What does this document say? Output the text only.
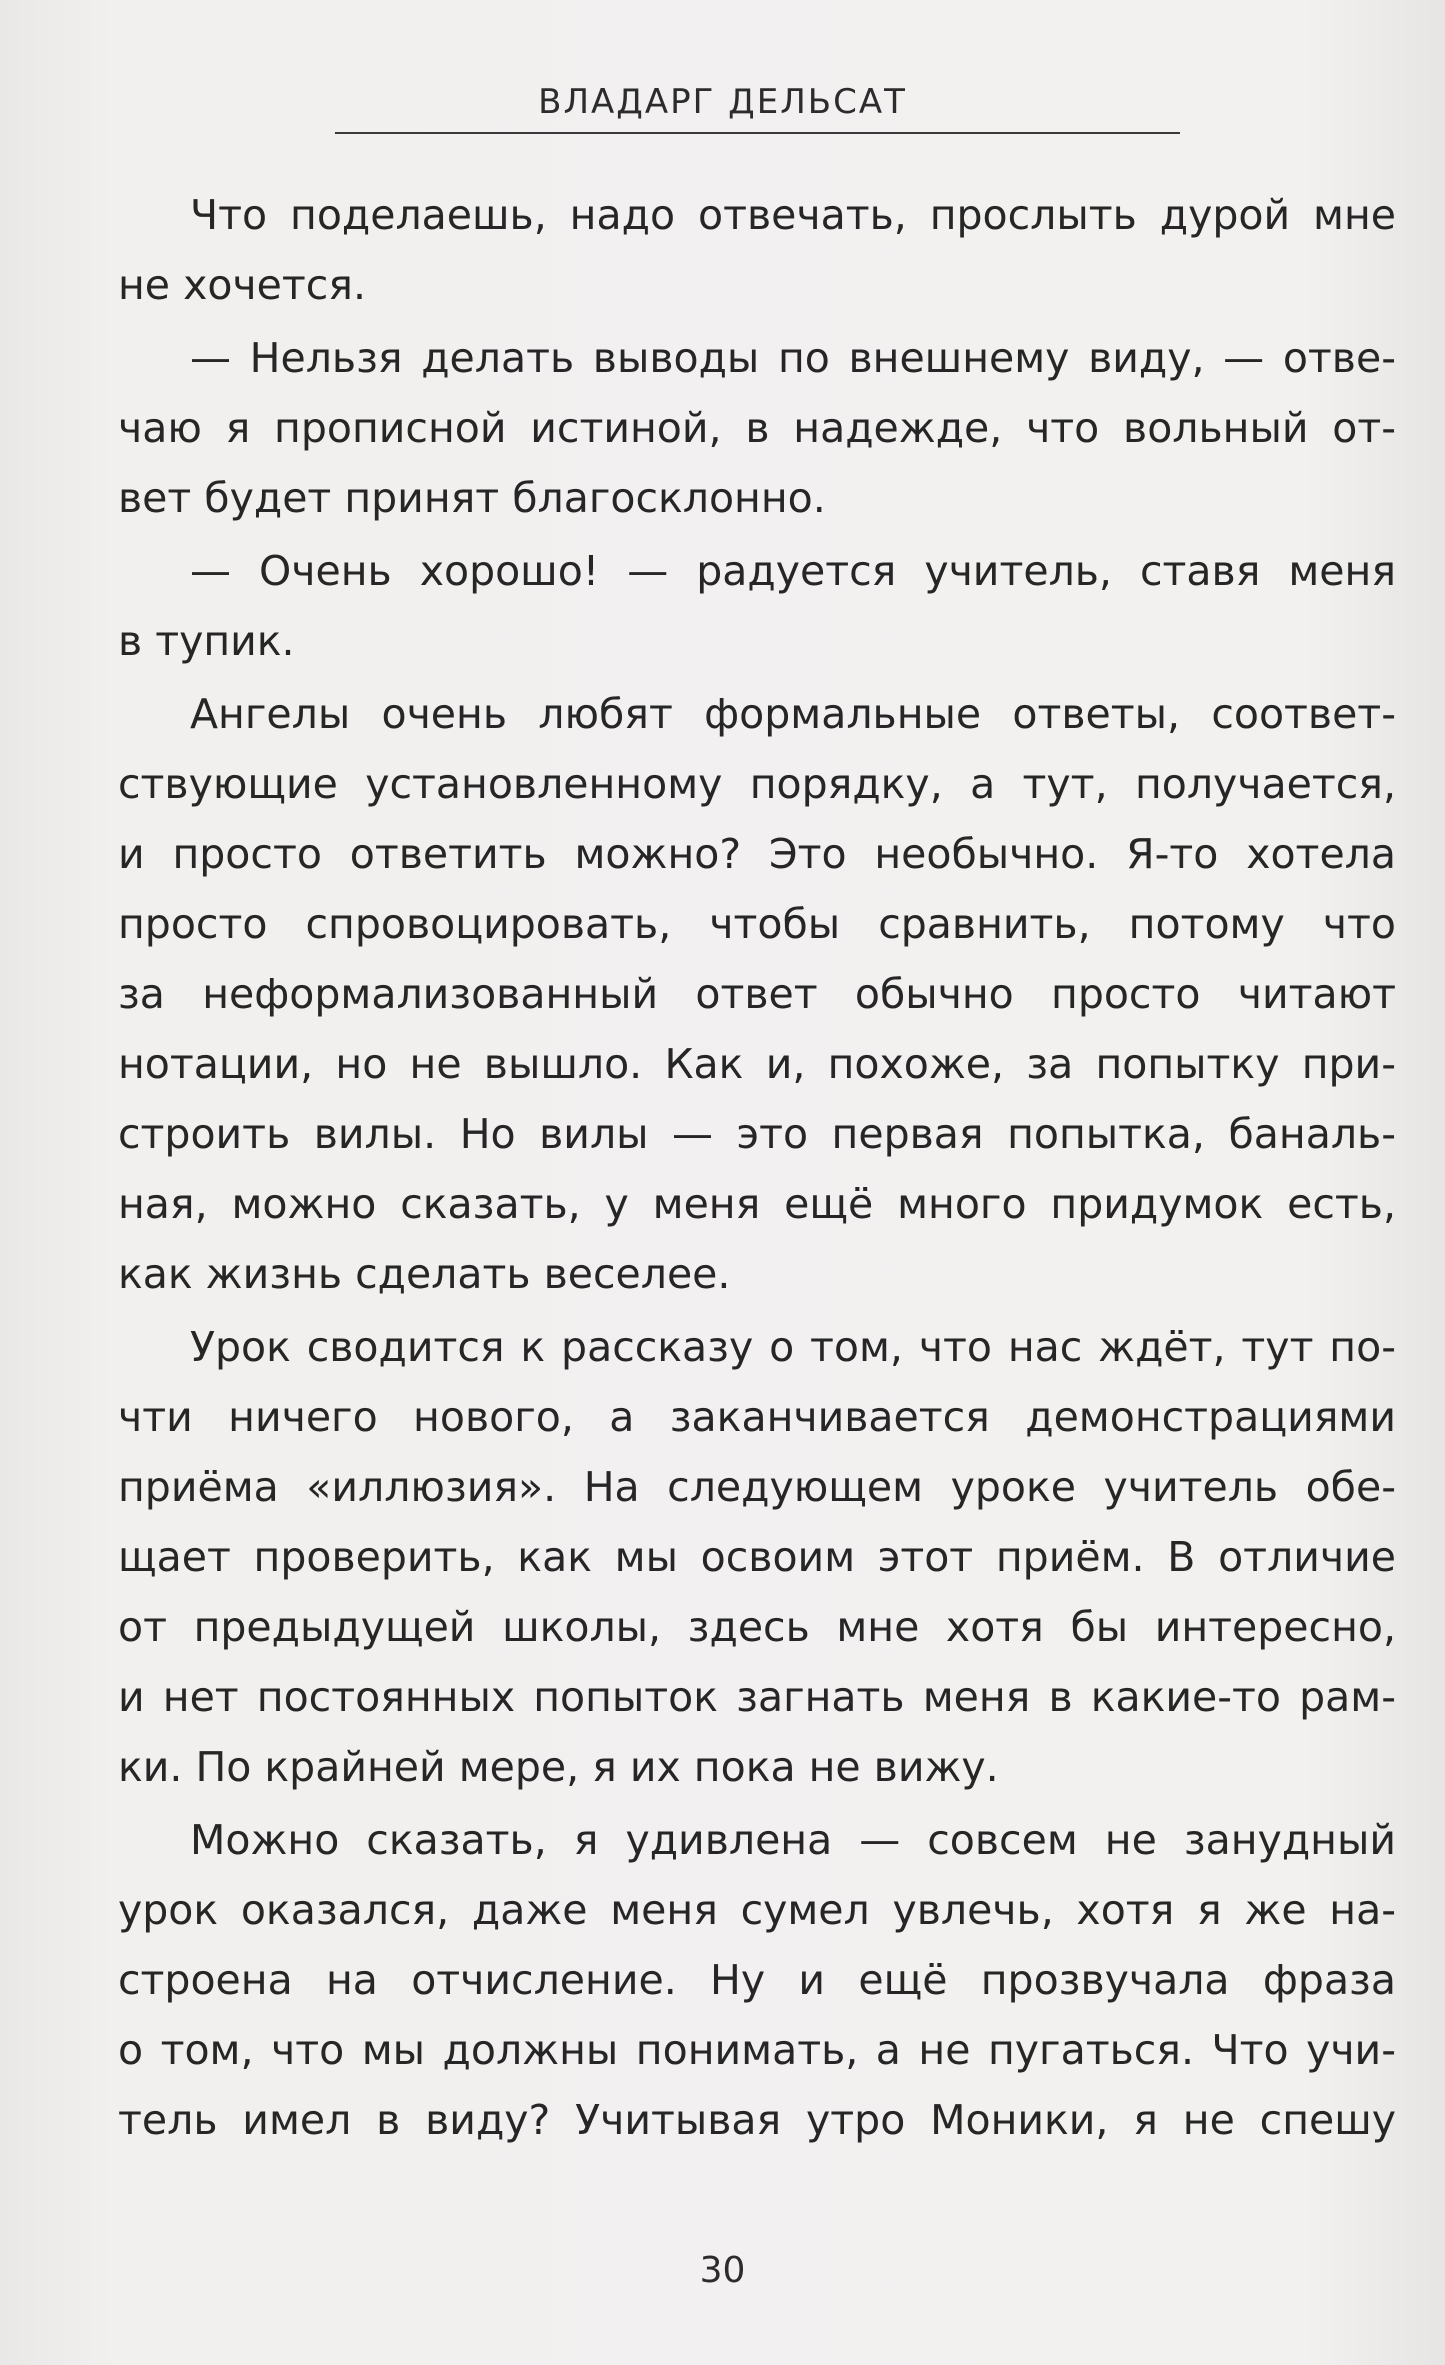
ВЛАДАРГ ДЕЛЬСАТ
Что поделаешь, надо отвечать, прослыть дурой мне
не хочется.
— Нельзя делать выводы по внешнему виду, — отве-
чаю я прописной истиной, в надежде, что вольный от-
вет будет принят благосклонно.
— Очень хорошо! — радуется учитель, ставя меня
в тупик.
Ангелы очень любят формальные ответы, соответ-
ствующие установленному порядку, а тут, получается,
и просто ответить можно? Это необычно. Я-то хотела
просто спровоцировать, чтобы сравнить, потому что
за неформализованный ответ обычно просто читают
нотации, но не вышло. Как и, похоже, за попытку при-
строить вилы. Но вилы — это первая попытка, баналь-
ная, можно сказать, у меня ещё много придумок есть,
как жизнь сделать веселее.
Урок сводится к рассказу о том, что нас ждёт, тут по-
чти ничего нового, а заканчивается демонстрациями
приёма «иллюзия». На следующем уроке учитель обе-
щает проверить, как мы освоим этот приём. В отличие
от предыдущей школы, здесь мне хотя бы интересно,
и нет постоянных попыток загнать меня в какие-то рам-
ки. По крайней мере, я их пока не вижу.
Можно сказать, я удивлена — совсем не занудный
урок оказался, даже меня сумел увлечь, хотя я же на-
строена на отчисление. Ну и ещё прозвучала фраза
о том, что мы должны понимать, а не пугаться. Что учи-
тель имел в виду? Учитывая утро Моники, я не спешу
30
